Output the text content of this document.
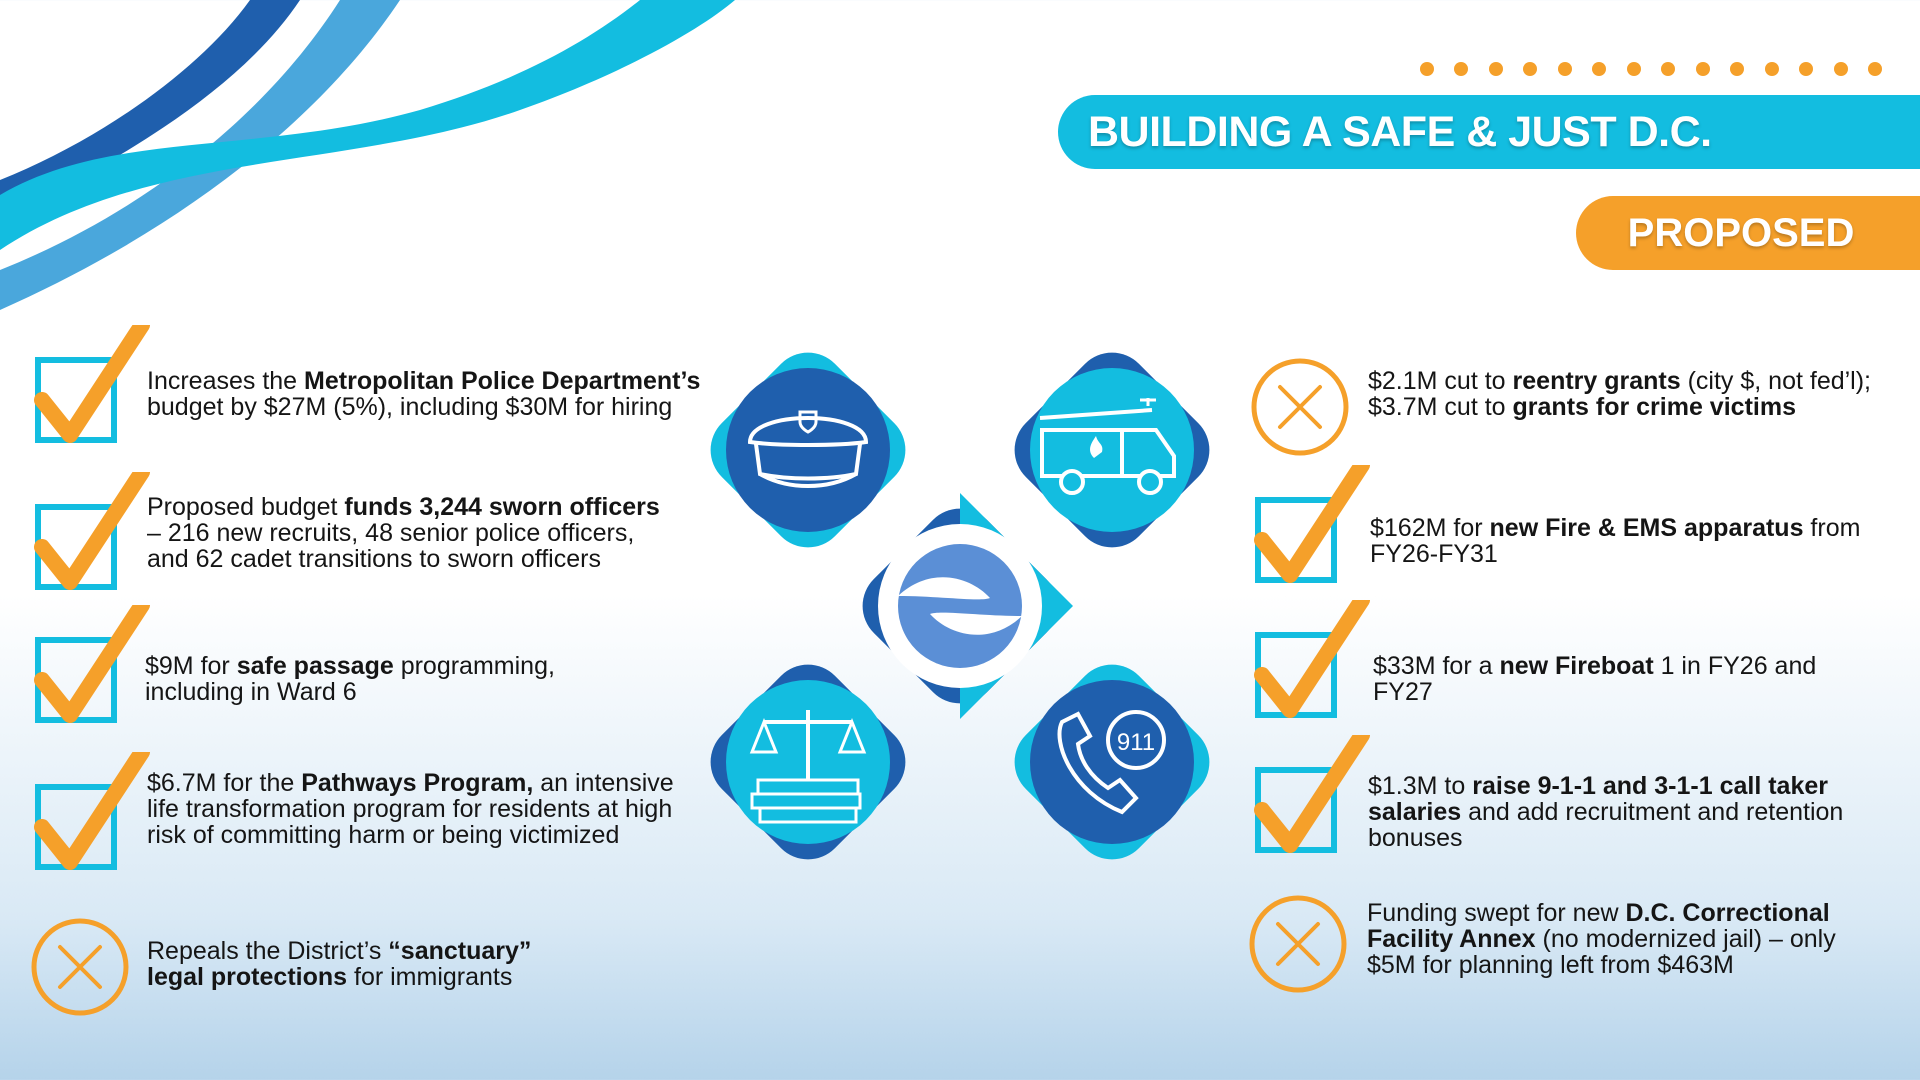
BUILDING A SAFE & JUST D.C.
PROPOSED
Increases the Metropolitan Police Department’s budget by $27M (5%), including $30M for hiring
Proposed budget funds 3,244 sworn officers – 216 new recruits, 48 senior police officers, and 62 cadet transitions to sworn officers
$9M for safe passage programming, including in Ward 6
$6.7M for the Pathways Program, an intensive life transformation program for residents at high risk of committing harm or being victimized
Repeals the District’s “sanctuary” legal protections for immigrants
911
$2.1M cut to reentry grants (city $, not fed’l); $3.7M cut to grants for crime victims
$162M for new Fire & EMS apparatus from FY26-FY31
$33M for a new Fireboat 1 in FY26 and FY27
$1.3M to raise 9-1-1 and 3-1-1 call taker salaries and add recruitment and retention bonuses
Funding swept for new D.C. Correctional Facility Annex (no modernized jail) – only $5M for planning left from $463M
